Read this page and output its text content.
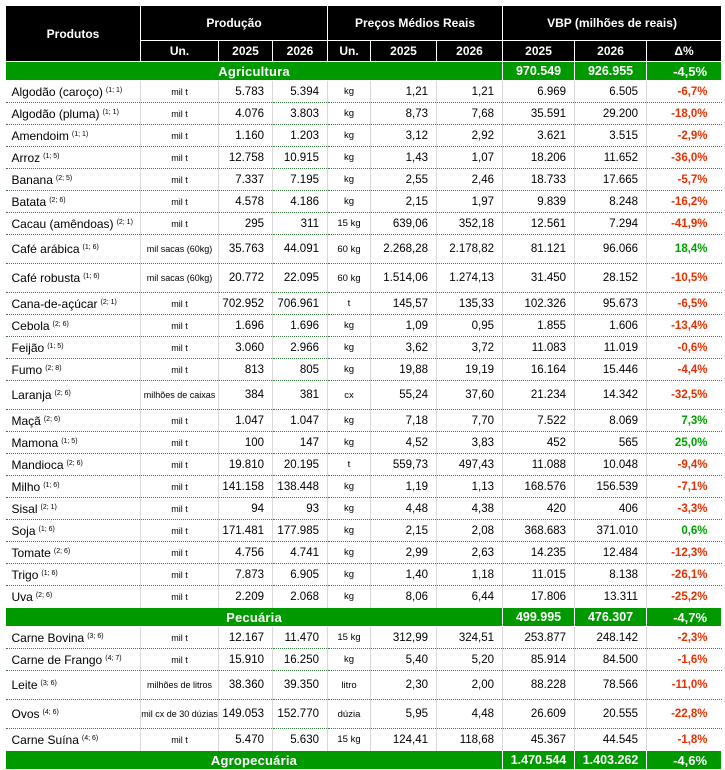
Produtos	Produção			Preços Médios Reais			VBP (milhões de reais)		
	Un.	2025	2026	Un.	2025	2026	2025	2026	Δ%
Agricultura							970.549	926.955	-4,5%
Algodão (caroço) $^{(1; 1)}$	mil t	5.783	5.394	kg	1,21	1,21	6.969	6.505	-6,7%
Algodão (pluma) $^{(1; 1)}$	mil t	4.076	3.803	kg	8,73	7,68	35.591	29.200	-18,0%
Amendoim $^{(1; 1)}$	mil t	1.160	1.203	kg	3,12	2,92	3.621	3.515	-2,9%
Arroz $^{(1; 5)}$	mil t	12.758	10.915	kg	1,43	1,07	18.206	11.652	-36,0%
Banana $^{(2; 5)}$	mil t	7.337	7.195	kg	2,55	2,46	18.733	17.665	-5,7%
Batata $^{(2; 6)}$	mil t	4.578	4.186	kg	2,15	1,97	9.839	8.248	-16,2%
Cacau (amêndoas) $^{(2; 1)}$	mil t	295	311	15 kg	639,06	352,18	12.561	7.294	-41,9%
Café arábica $^{(1; 6)}$	mil sacas (60kg)	35.763	44.091	60 kg	2.268,28	2.178,82	81.121	96.066	18,4%
Café robusta $^{(1; 6)}$	mil sacas (60kg)	20.772	22.095	60 kg	1.514,06	1.274,13	31.450	28.152	-10,5%
Cana-de-açúcar $^{(2; 1)}$	mil t	702.952	706.961	t	145,57	135,33	102.326	95.673	-6,5%
Cebola $^{(2; 6)}$	mil t	1.696	1.696	kg	1,09	0,95	1.855	1.606	-13,4%
Feijão $^{(1; 5)}$	mil t	3.060	2.966	kg	3,62	3,72	11.083	11.019	-0,6%
Fumo $^{(2; 8)}$	mil t	813	805	kg	19,88	19,19	16.164	15.446	-4,4%
Laranja $^{(2; 6)}$	milhões de caixas	384	381	cx	55,24	37,60	21.234	14.342	-32,5%
Maçã $^{(2; 6)}$	mil t	1.047	1.047	kg	7,18	7,70	7.522	8.069	7,3%
Mamona $^{(1; 5)}$	mil t	100	147	kg	4,52	3,83	452	565	25,0%
Mandioca $^{(2; 6)}$	mil t	19.810	20.195	t	559,73	497,43	11.088	10.048	-9,4%
Milho $^{(1; 6)}$	mil t	141.158	138.448	kg	1,19	1,13	168.576	156.539	-7,1%
Sisal $^{(2; 1)}$	mil t	94	93	kg	4,48	4,38	420	406	-3,3%
Soja $^{(1; 6)}$	mil t	171.481	177.985	kg	2,15	2,08	368.683	371.010	0,6%
Tomate $^{(2; 6)}$	mil t	4.756	4.741	kg	2,99	2,63	14.235	12.484	-12,3%
Trigo $^{(1; 6)}$	mil t	7.873	6.905	kg	1,40	1,18	11.015	8.138	-26,1%
Uva $^{(2; 6)}$	mil t	2.209	2.068	kg	8,06	6,44	17.806	13.311	-25,2%
Pecuária							499.995	476.307	-4,7%
Carne Bovina $^{(3; 6)}$	mil t	12.167	11.470	15 kg	312,99	324,51	253.877	248.142	-2,3%
Carne de Frango $^{(4; 7)}$	mil t	15.910	16.250	kg	5,40	5,20	85.914	84.500	-1,6%
Leite $^{(3; 6)}$	milhões de litros	38.360	39.350	litro	2,30	2,00	88.228	78.566	-11,0%
Ovos $^{(4; 6)}$	mil cx de 30 dúzias	149.053	152.770	dúzia	5,95	4,48	26.609	20.555	-22,8%
Carne Suína $^{(4; 6)}$	mil t	5.470	5.630	15 kg	124,41	118,68	45.367	44.545	-1,8%
Agropecuária							1.470.544	1.403.262	-4,6%
